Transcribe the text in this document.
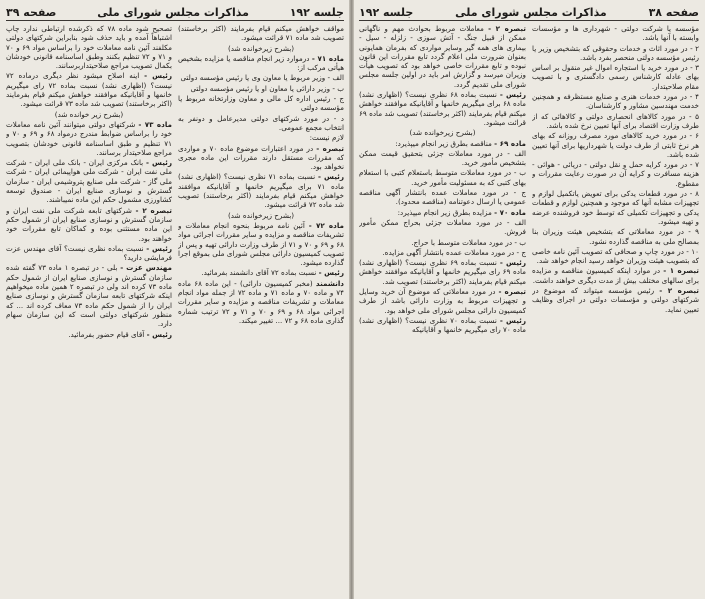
جلسه ۱۹۲
مذاکرات مجلس شورای ملی
صفحه ۳۹

مواقف خواهش میکنم قیام بفرمایند (اکثر برخاستند) تصویب شد ماده ۷۱ قرائت میشود.

(بشرح زیرخوانده شد)

ماده ۷۱ - درموارد زیر انجام مناقصه یا مزایده بشخیص هیأتی مرکب از:

الف - وزیر مربوط یا معاون وی یا رئیس مؤسسه دولتی

ب - وزیر دارائی یا معاون او یا رئیس مؤسسه دولتی

ج - رئیس اداره کل مالی و معاون وزارتخانه مربوط یا مؤسسه دولتی

د - در مورد شرکتهای دولتی مدیرعامل و دونفر به انتخاب مجمع عمومی.

لازم نیست:

تبصره - در مورد اعتبارات موضوع ماده ۷۰ و مواردی که مقررات مستقل دارند مقررات این ماده مجری نخواهد بود.

رئیس - نسبت بماده ۷۱ نظری نیست؟ (اظهاری نشد) ماده ۷۱ برای میگیریم خانمها و آقایانیکه موافقند خواهش میکنم قیام بفرمایند (اکثر برخاستند) تصویب شد ماده ۷۲ قرائت میشود.

(بشرح زیرخوانده شد)

ماده ۷۲ - آئین نامه مربوط بنحوه انجام معاملات و تشریفات مناقصه و مزایده و سایر مقررات اجرائی مواد ۶۸ و ۶۹ و ۷۰ و ۷۱ از طرف وزارت دارائی تهیه و پس از تصویب کمیسیون دارائی مجلس شورای ملی بموقع اجرا گذارده میشود.

رئیس - نسبت بماده ۷۲ آقای دانشمند بفرمائید.

دانشمند (مخبر کمیسیون دارائی) - این ماده ۶۸ ماده ۷۴ و ماده ۷۰ و ماده ۷۱ و ماده ۷۲ از جمله مواد انجام معاملات و تشریفات مناقصه و مزایده و سایر مقررات اجرائی مواد ۶۸ و ۶۹ و ۷۰ و ۷۱ و ۷۲ ترتیب شماره گذاری ماده ۶۸ و ۷۲ ... تغییر میکند.

تصحیح شود ماده ۷۸ که ذکرشده ارتباطی ندارد چاپ اشتباهاً آمده و باید حذف شود بنابراین شرکتهای دولتی مکلفند آئین نامه معاملات خود را براساس مواد ۶۹ و ۷۰ و ۷۱ و ۷۲ تنظیم بکنند وطبق اساسنامه قانونی خودشان بکمال تصویب مراجع صلاحیتداربرسانند.

رئیس - اینه اصلاح میشود نظر دیگری درماده ۷۲ نیست؟ (اظهاری نشد) نسبت بماده ۷۲ رای میگیریم خانمها و آقایانیکه موافقند خواهش میکنم قیام بفرمایند (اکثر برخاستند) تصویب شد ماده ۷۳ قرائت میشود.

(بشرح زیر خوانده شد)

ماده ۷۳ - شرکتهای دولتی میتوانند آئین نامه معاملات خود را براساس ضوابط مندرج درمواد ۶۸ و ۶۹ و ۷۰ و ۷۱ تنظیم و طبق اساسنامه قانونی خودشان بتصویب مراجع صلاحیتدار برسانند.

رئیس - بانک مرکزی ایران - بانک ملی ایران - شرکت ملی نفت ایران - شرکت ملی هواپیمائی ایران - شرکت ملی گاز - شرکت ملی صنایع پتروشیمی ایران - سازمان گسترش و نوسازی صنایع ایران - صندوق توسعه کشاورزی مشمول حکم این ماده نمیباشند.

تبصره ۲ - شرکتهای تابعه شرکت ملی نفت ایران و سازمان گسترش و نوسازی صنایع ایران از شمول حکم این ماده مستثنی بوده و کماکان تابع مقررات خود خواهند بود.

رئیس - نسبت بماده نظری نیست؟ آقای مهندس عزت فرمایشی دارید؟

مهندس عزت - بلی - در تبصره ۱ ماده ۷۳ گفته شده سازمان گسترش و نوسازی صنایع ایران از شمول حکم ماده ۷۳ کرده اند ولی در تبصره ۲ همین ماده میخواهیم اینکه شرکتهای تابعه سازمان گسترش و نوسازی صنایع ایران را از شمول حکم ماده ۷۳ معاف کرده اند ... که منظور شرکتهای دولتی است که این سازمان سهام دارد.

رئیس - آقای قیام حضور بفرمائید.

صفحه ۳۸
مذاکرات مجلس شورای ملی
جلسه ۱۹۲

مؤسسه یا شرکت دولتی - شهرداری ها و مؤسسات وابسته با آنها باشد.

۲ - در مورد اثاث و خدمات وحقوقی که بتشخیص وزیر یا رئیس مؤسسه دولتی منحصر بفرد باشد.

۳ - در مورد خرید یا استجاره اموال غیر منقول بر اساس بهای عادله کارشناس رسمی دادگستری و با تصویب مقام صلاحیتدار.

۴ - در مورد خدمات هنری و صنایع مستظرفه و همچنین خدمت مهندسین مشاور و کارشناسان.

۵ - در مورد کالاهای انحصاری دولتی و کالاهائی که از طرف وزارت اقتصاد برای آنها تعیین نرخ شده باشد.

۶ - در مورد خرید کالاهای مورد مصرف روزانه که بهای هر نرخ ثابتی از طرف دولت یا شهرداریها برای آنها تعیین شده باشد.

۷ - در مورد کرایه حمل و نقل دولتی - دریائی - هوائی - هزینه مسافرت و کرایه آن در صورت رعایت مقررات و مقطوع.

۸ - در مورد قطعات یدکی برای تعویض یاتکمیل لوازم و تجهیزات مشابه آنها که موجود و همچنین لوازم و قطعات یدکی و تجهیزات تکمیلی که توسط خود فروشنده عرضه و تهیه میشود.

۹ - در مورد معاملاتی که بتشخیص هیئت وزیران بنا بمصالح ملی به مناقصه گذارده نشود.

۱۰ - در مورد چاپ و صحافی که تصویب آئین نامه خاصی که بتصویب هیئت وزیران خواهد رسید انجام خواهد شد.

تبصره ۱ - در موارد اینکه کمیسیون مناقصه و مزایده برای سالهای مختلف بیش از مدت دیگری خواهند داشت.

تبصره ۲ - رئیس مؤسسه میتواند که موضوع در شرکتهای دولتی و مؤسسات دولتی در اجرای وظایف تعیین نماید.

تبصره ۲ - معاملات مربوط بحوادث مهم و ناگهانی ممکن از قبیل جنگ - آتش سوزی - زلزله - سیل - بیماری های همه گیر وسایر مواردی که بفرمان همایونی بعنوان ضرورت ملی اعلام گردد تابع مقررات این قانون نبوده و تابع مقررات خاصی خواهد بود که تصویب هیأت وزیران میرسد و گزارش امر باید در اولین جلسه مجلس شورای ملی تقدیم گردد.

رئیس - نسبت بماده ۶۸ نظری نیست؟ (اظهاری نشد) ماده ۶۸ برای میگیریم خانمها و آقایانیکه موافقند خواهش میکنم قیام بفرمایند (اکثر برخاستند) تصویب شد ماده ۶۹ قرائت میشود.

(بشرح زیرخوانده شد)

ماده ۶۹ - مناقصه بطرق زیر انجام میپذیرد:

الف - در مورد معاملات جزئی بتحقیق قیمت ممکن بتشخیص مأمور خرید.

ب - در مورد معاملات متوسط باستعلام کتبی با استعلام بهای کتبی که به مسئولیت مأمور خرید.

ج - در مورد معاملات عمده بانتشار آگهی مناقصه عمومی یا ارسال دعوتنامه (مناقصه محدود).

ماده ۷۰ - مزایده بطرق زیر انجام میپذیرد:

الف - در مورد معاملات جزئی بحراج ممکن مأمور فروش.

ب - در مورد معاملات متوسط با حراج.

ج - در مورد معاملات عمده بانتشار آگهی مزایده.

رئیس - نسبت بماده ۶۹ نظری نیست؟ (اظهاری نشد) ماده ۶۹ رای میگیریم خانمها و آقایانیکه موافقند خواهش میکنم قیام بفرمایند (اکثر برخاستند) تصویب شد.

تبصره - در مورد معاملاتی که موضوع آن خرید وسایل و تجهیزات مربوط به وزارت دارائی باشد از طرف کمیسیون دارائی مجلس شورای ملی خواهد بود.

رئیس - نسبت بماده ۷۰ نظری نیست؟ (اظهاری نشد) ماده ۷۰ رای میگیریم خانمها و آقایانیکه
